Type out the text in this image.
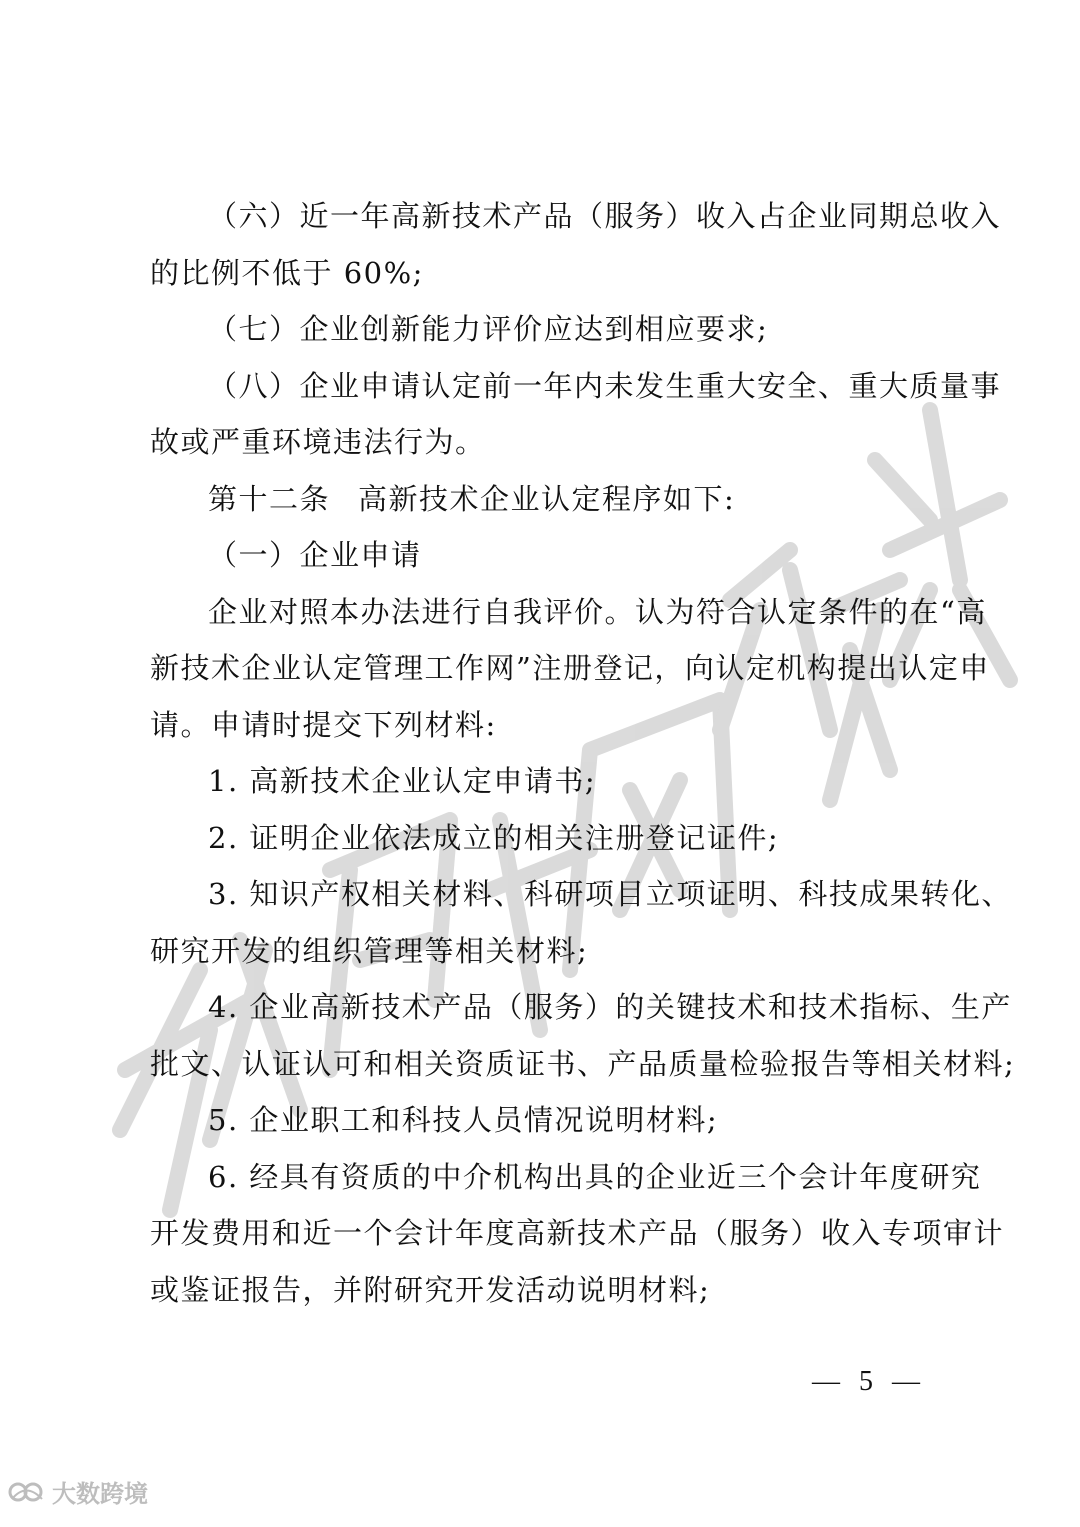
（六）近一年高新技术产品（服务）收入占企业同期总收入
的比例不低于 60%;
（七）企业创新能力评价应达到相应要求;
（八）企业申请认定前一年内未发生重大安全、重大质量事
故或严重环境违法行为。
第十二条 高新技术企业认定程序如下:
（一）企业申请
企业对照本办法进行自我评价。认为符合认定条件的在“高
新技术企业认定管理工作网”注册登记，向认定机构提出认定申
请。申请时提交下列材料:
1. 高新技术企业认定申请书;
2. 证明企业依法成立的相关注册登记证件;
3. 知识产权相关材料、科研项目立项证明、科技成果转化、
研究开发的组织管理等相关材料;
4. 企业高新技术产品（服务）的关键技术和技术指标、生产
批文、认证认可和相关资质证书、产品质量检验报告等相关材料;
5. 企业职工和科技人员情况说明材料;
6. 经具有资质的中介机构出具的企业近三个会计年度研究
开发费用和近一个会计年度高新技术产品（服务）收入专项审计
或鉴证报告，并附研究开发活动说明材料;
— 5 —
大数跨境
